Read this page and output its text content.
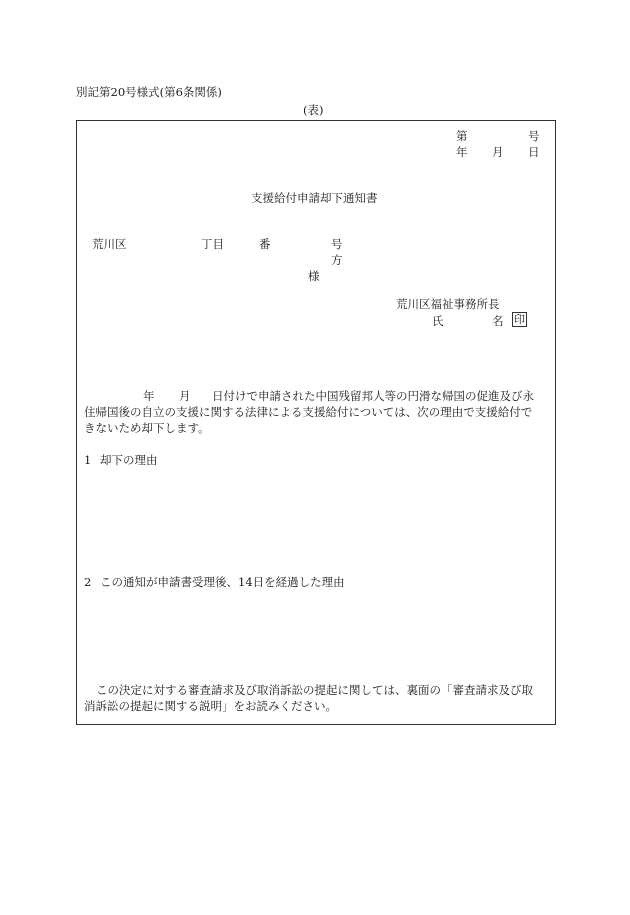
別記第20号様式(第6条関係)
(表)
第	号
年 月 日
支援給付申請却下通知書
荒川区	丁目	番	号
方
様
荒川区福祉事務所長
氏	名 印
年 月 日付けで申請された中国残留邦人等の円滑な帰国の促進及び永
住帰国後の自立の支援に関する法律による支援給付については、次の理由で支援給付で
きないため却下します。
1 却下の理由
2 この通知が申請書受理後、14日を経過した理由
この決定に対する審査請求及び取消訴訟の提起に関しては、裏面の「審査請求及び取
消訴訟の提起に関する説明」をお読みください。
